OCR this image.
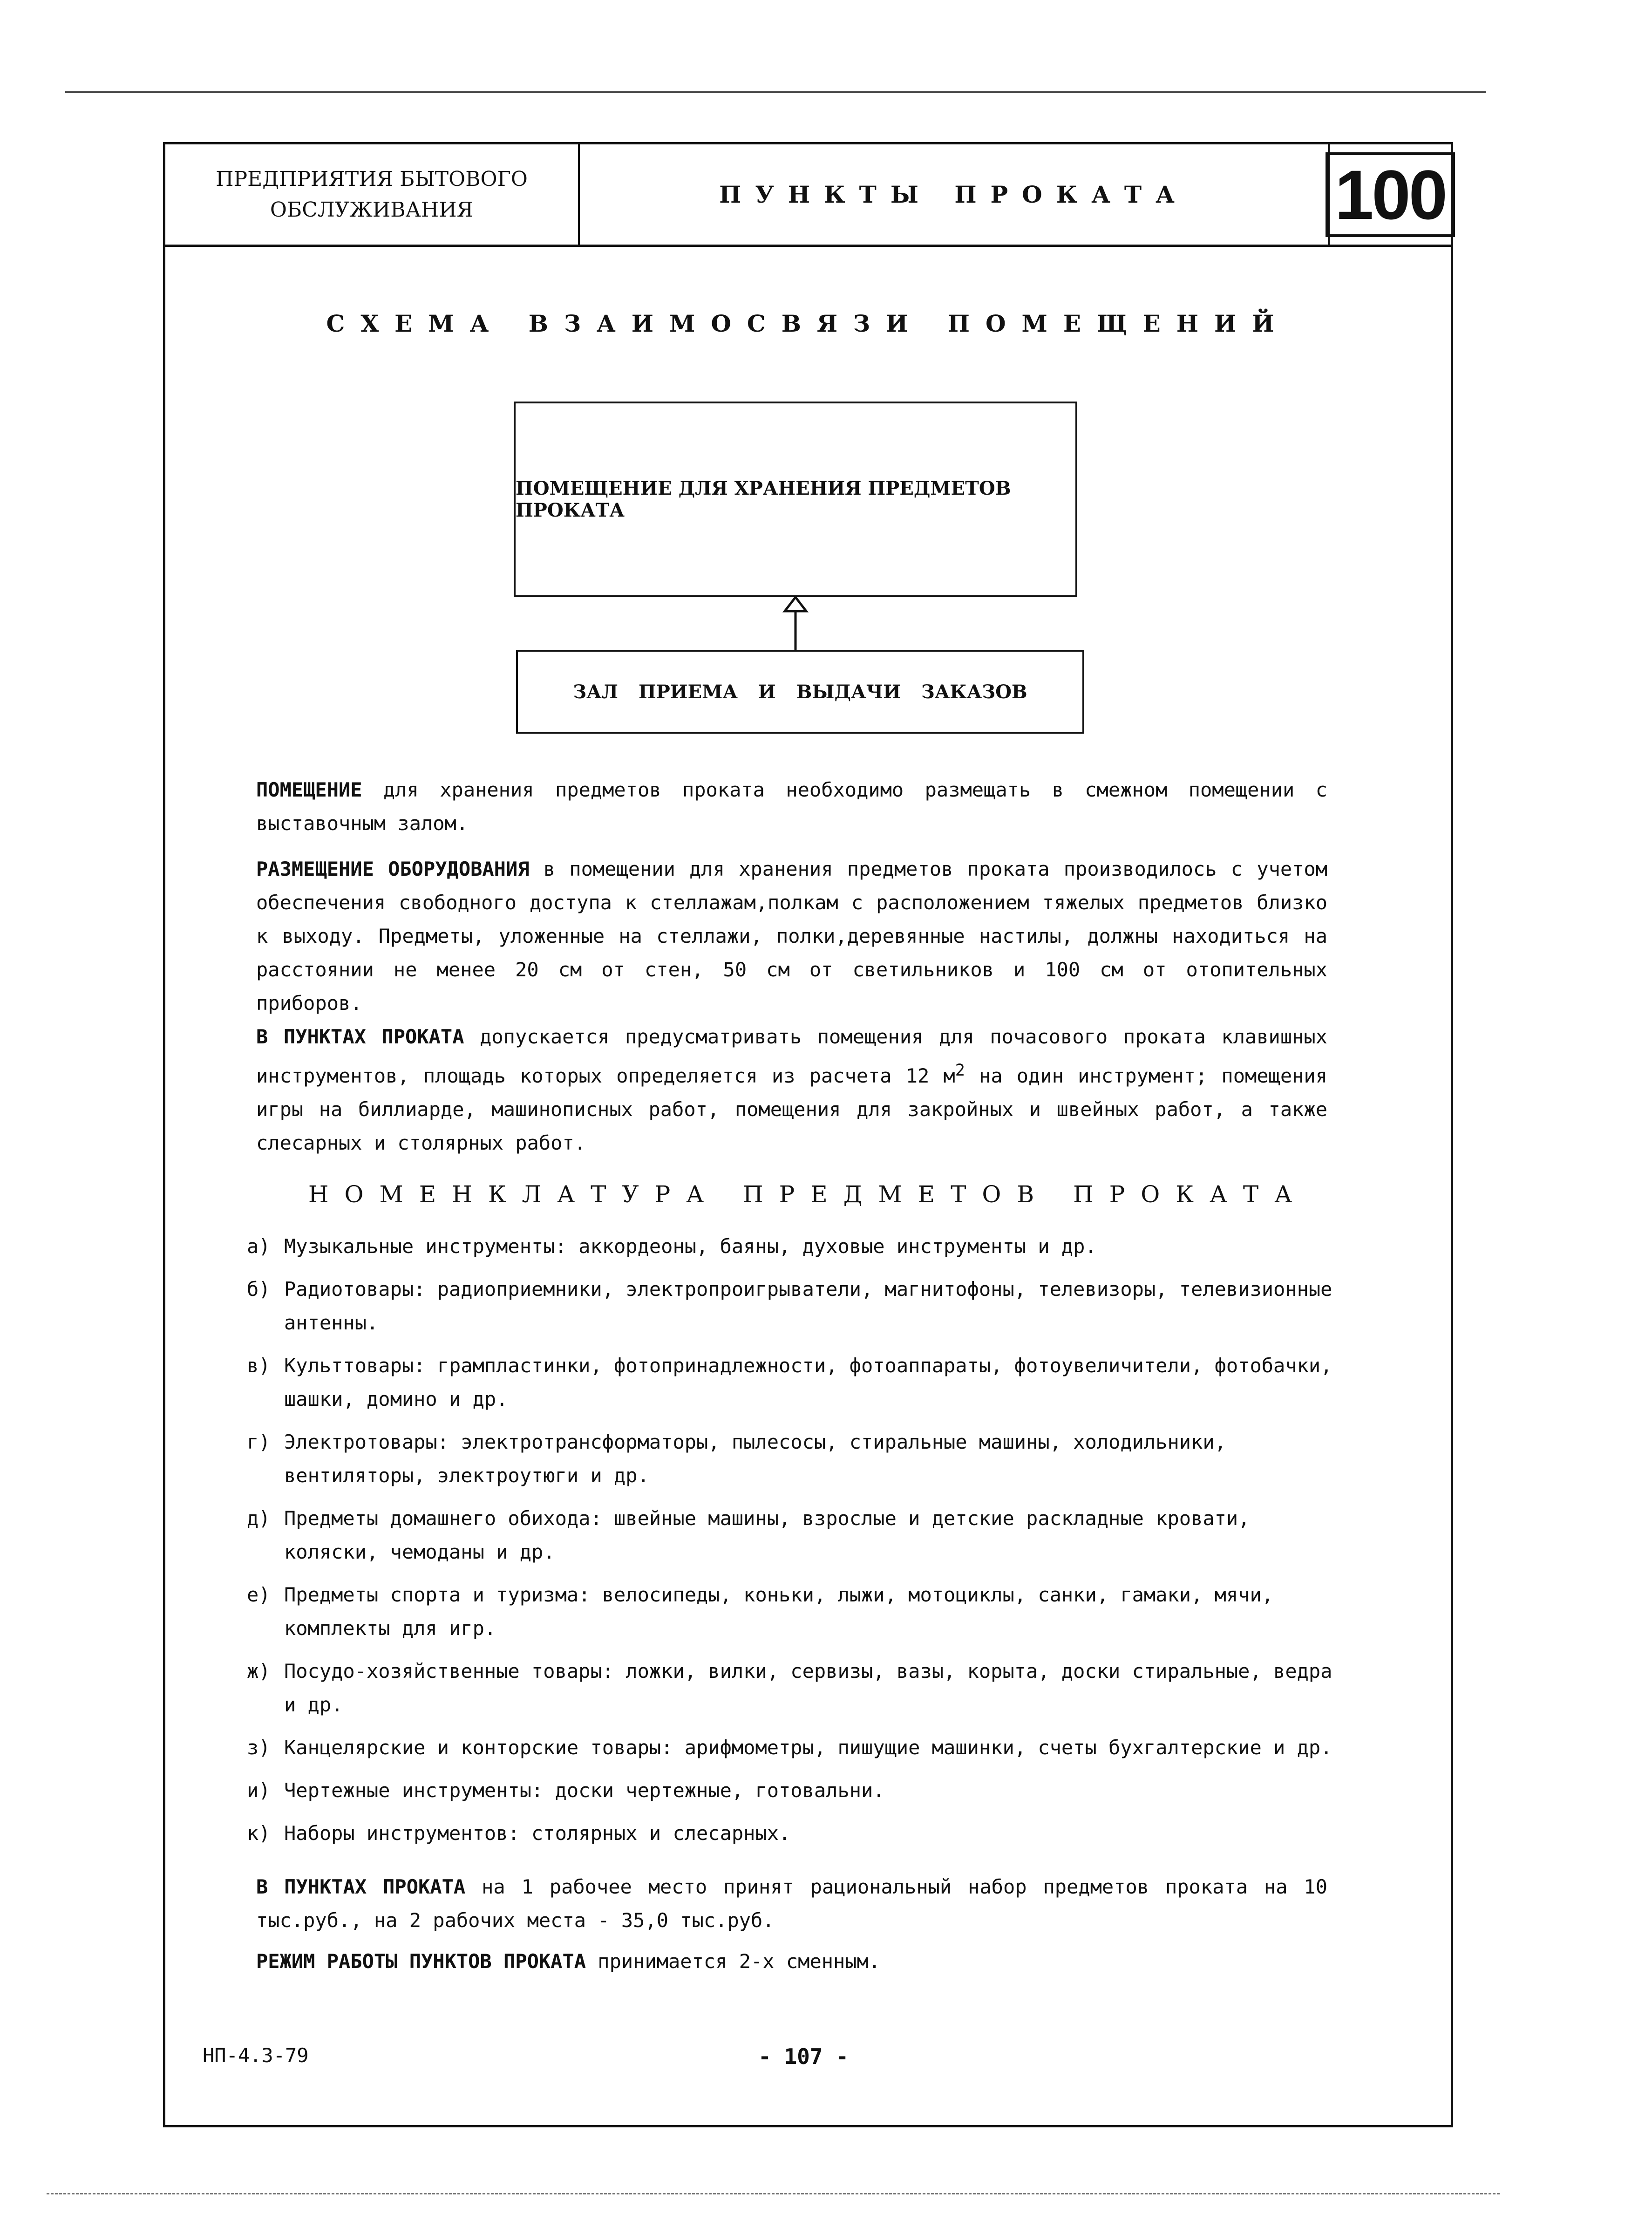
ПРЕДПРИЯТИЯ БЫТОВОГО
ОБСЛУЖИВАНИЯ
ПУНКТЫ ПРОКАТА 100
СХЕМА ВЗАИМОСВЯЗИ ПОМЕЩЕНИЙ
ПОМЕЩЕНИЕ ДЛЯ ХРАНЕНИЯ ПРЕДМЕТОВ ПРОКАТА
ЗАЛ ПРИЕМА И ВЫДАЧИ ЗАКАЗОВ
ПОМЕЩЕНИЕ для хранения предметов проката необходимо размещать в смежном помещении с выставочным залом.
РАЗМЕЩЕНИЕ ОБОРУДОВАНИЯ в помещении для хранения предметов проката производилось с учетом обеспечения свободного доступа к стеллажам,полкам с расположением тяжелых предметов близко к выходу. Предметы, уложенные на стеллажи, полки,деревянные настилы, должны находиться на расстоянии не менее 20 см от стен, 50 см от светильников и 100 см от отопительных приборов.
В ПУНКТАХ ПРОКАТА допускается предусматривать помещения для почасового проката клавишных инструментов, площадь которых определяется из расчета 12 $м^2$ на один инструмент; помещения игры на биллиарде, машинописных работ, помещения для закройных и швейных работ, а также слесарных и столярных работ.
НОМЕНКЛАТУРА ПРЕДМЕТОВ ПРОКАТА
а) Музыкальные инструменты: аккордеоны, баяны, духовые инструменты и др.
б) Радиотовары: радиоприемники, электропроигрыватели, магнитофоны, телевизоры, телевизионные антенны.
в) Культтовары: грампластинки, фотопринадлежности, фотоаппараты, фотоувеличители, фотобачки, шашки, домино и др.
г) Электротовары: электротрансформаторы, пылесосы, стиральные машины, холодильники, вентиляторы, электроутюги и др.
д) Предметы домашнего обихода: швейные машины, взрослые и детские раскладные кровати, коляски, чемоданы и др.
е) Предметы спорта и туризма: велосипеды, коньки, лыжи, мотоциклы, санки, гамаки, мячи, комплекты для игр.
ж) Посудо-хозяйственные товары: ложки, вилки, сервизы, вазы, корыта, доски стиральные, ведра и др.
з) Канцелярские и конторские товары: арифмометры, пишущие машинки, счеты бухгалтерские и др.
и) Чертежные инструменты: доски чертежные, готовальни.
к) Наборы инструментов: столярных и слесарных.
В ПУНКТАХ ПРОКАТА на 1 рабочее место принят рациональный набор предметов проката на 10 тыс.руб., на 2 рабочих места - 35,0 тыс.руб.
РЕЖИМ РАБОТЫ ПУНКТОВ ПРОКАТА принимается 2-х сменным.
НП-4.3-79	- 107 -
